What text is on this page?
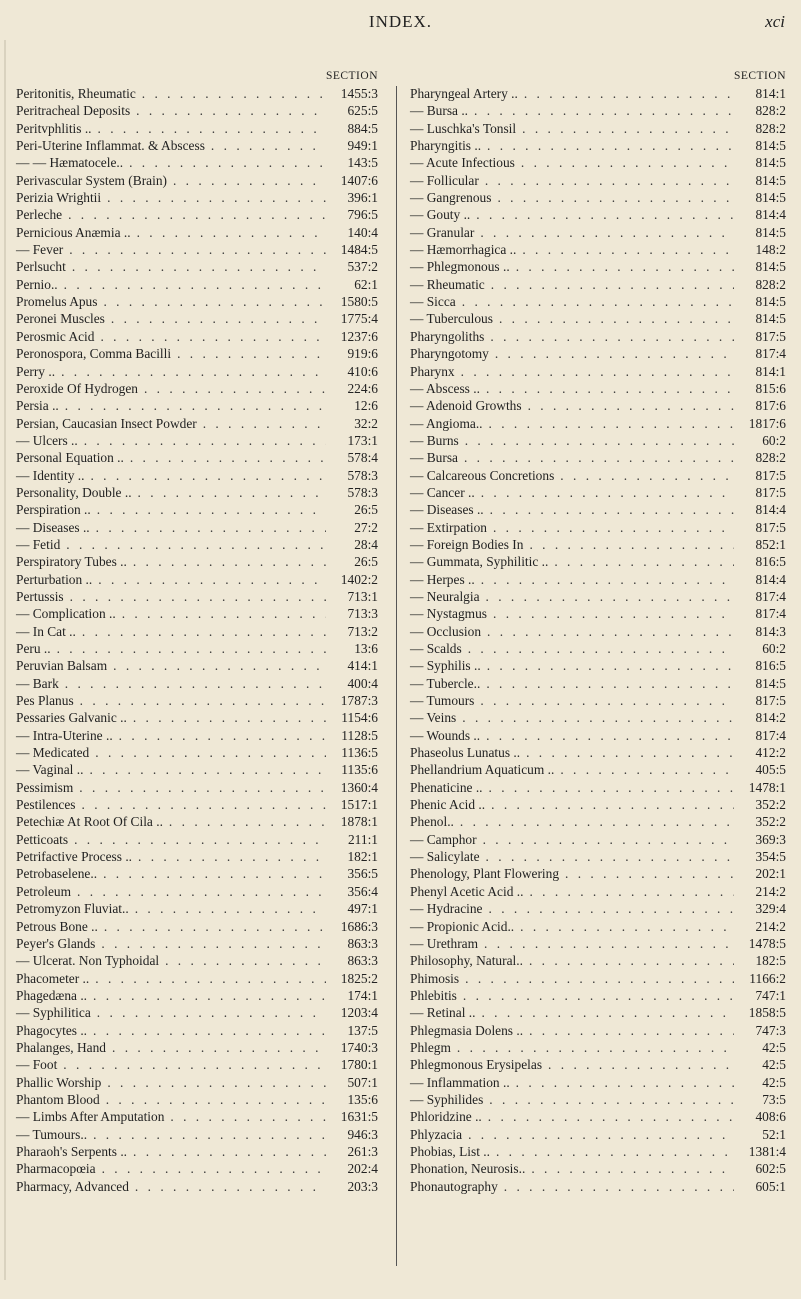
INDEX.	xci
SECTION
Peritonitis, Rheumatic . . .	1455:3
Peritracheal Deposits . . .	625:5
Peritvphlitis .. . . .	884:5
Peri-Uterine Inflammat. & Abscess . . .	949:1
— — Hæmatocele.. . . .	143:5
Perivascular System (Brain) . . .	1407:6
Perizia Wrightii . . .	396:1
Perleche . . .	796:5
Pernicious Anæmia .. . . .	140:4
— Fever . . .	1484:5
Perlsucht . . .	537:2
Pernio.. . . .	62:1
Promelus Apus . . .	1580:5
Peronei Muscles . . .	1775:4
Perosmic Acid . . .	1237:6
Peronospora, Comma Bacilli . . .	919:6
Perry .. . . .	410:6
Peroxide Of Hydrogen . . .	224:6
Persia .. . . .	12:6
Persian, Caucasian Insect Powder . . .	32:2
— Ulcers .. . . .	173:1
Personal Equation .. . . .	578:4
— Identity .. . . .	578:3
Personality, Double .. . . .	578:3
Perspiration .. . . .	26:5
— Diseases .. . . .	27:2
— Fetid . . .	28:4
Perspiratory Tubes .. . . .	26:5
Perturbation .. . . .	1402:2
Pertussis . . .	713:1
— Complication .. . . .	713:3
— In Cat .. . . .	713:2
Peru .. . . .	13:6
Peruvian Balsam . . .	414:1
— Bark . . .	400:4
Pes Planus . . .	1787:3
Pessaries Galvanic .. . . .	1154:6
— Intra-Uterine .. . . .	1128:5
— Medicated . . .	1136:5
— Vaginal .. . . .	1135:6
Pessimism . . .	1360:4
Pestilences . . .	1517:1
Petechiæ At Root Of Cila .. . . .	1878:1
Petticoats . . .	211:1
Petrifactive Process .. . . .	182:1
Petrobaselene.. . . .	356:5
Petroleum . . .	356:4
Petromyzon Fluviat.. . . .	497:1
Petrous Bone .. . . .	1686:3
Peyer's Glands . . .	863:3
— Ulcerat. Non Typhoidal . . .	863:3
Phacometer .. . . .	1825:2
Phagedæna .. . . .	174:1
— Syphilitica . . .	1203:4
Phagocytes .. . . .	137:5
Phalanges, Hand . . .	1740:3
— Foot . . .	1780:1
Phallic Worship . . .	507:1
Phantom Blood . . .	135:6
— Limbs After Amputation . . .	1631:5
— Tumours.. . . .	946:3
Pharaoh's Serpents .. . . .	261:3
Pharmacopœia . . .	202:4
Pharmacy, Advanced . . .	203:3
SECTION
Pharyngeal Artery .. . . .	814:1
— Bursa .. . . .	828:2
— Luschka's Tonsil . . .	828:2
Pharyngitis .. . . .	814:5
— Acute Infectious . . .	814:5
— Follicular . . .	814:5
— Gangrenous . . .	814:5
— Gouty .. . . .	814:4
— Granular . . .	814:5
— Hæmorrhagica .. . . .	148:2
— Phlegmonous .. . . .	814:5
— Rheumatic . . .	828:2
— Sicca . . .	814:5
— Tuberculous . . .	814:5
Pharyngoliths . . .	817:5
Pharyngotomy . . .	817:4
Pharynx . . .	814:1
— Abscess .. . . .	815:6
— Adenoid Growths . . .	817:6
— Angioma.. . . .	1817:6
— Burns . . .	60:2
— Bursa . . .	828:2
— Calcareous Concretions . . .	817:5
— Cancer .. . . .	817:5
— Diseases .. . . .	814:4
— Extirpation . . .	817:5
— Foreign Bodies In . . .	852:1
— Gummata, Syphilitic .. . . .	816:5
— Herpes .. . . .	814:4
— Neuralgia . . .	817:4
— Nystagmus . . .	817:4
— Occlusion . . .	814:3
— Scalds . . .	60:2
— Syphilis .. . . .	816:5
— Tubercle.. . . .	814:5
— Tumours . . .	817:5
— Veins . . .	814:2
— Wounds .. . . .	817:4
Phaseolus Lunatus .. . . .	412:2
Phellandrium Aquaticum .. . . .	405:5
Phenaticine .. . . .	1478:1
Phenic Acid .. . . .	352:2
Phenol.. . . .	352:2
— Camphor . . .	369:3
— Salicylate . . .	354:5
Phenology, Plant Flowering . . .	202:1
Phenyl Acetic Acid .. . . .	214:2
— Hydracine . . .	329:4
— Propionic Acid.. . . .	214:2
— Urethram . . .	1478:5
Philosophy, Natural.. . . .	182:5
Phimosis . . .	1166:2
Phlebitis . . .	747:1
— Retinal .. . . .	1858:5
Phlegmasia Dolens .. . . .	747:3
Phlegm . . .	42:5
Phlegmonous Erysipelas . . .	42:5
— Inflammation .. . . .	42:5
— Syphilides . . .	73:5
Phloridzine .. . . .	408:6
Phlyzacia . . .	52:1
Phobias, List .. . . .	1381:4
Phonation, Neurosis.. . . .	602:5
Phonautography . . .	605:1
